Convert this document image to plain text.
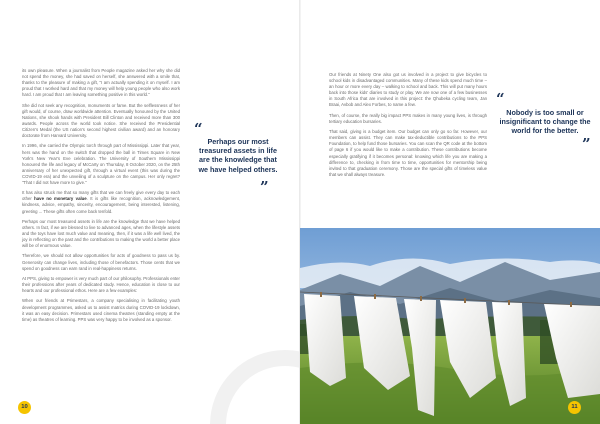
its own pleasure. When a journalist from People magazine asked her why she did not spend the money, she had saved on herself, she answered with a smile that, thanks to the pleasure of making a gift, "I am actually spending it on myself. I am proud that I worked hard and that my money will help young people who also work hard. I am proud that I am leaving something positive in this world."

She did not seek any recognition, monuments or fame. But the selflessness of her gift would, of course, draw worldwide attention. Eventually honoured by the United Nations, she shook hands with President Bill Clinton and received more than 300 awards. People across the world took notice. She received the Presidential Citizen's Medal (the US nation's second highest civilian award) and an honorary doctorate from Harvard University.

In 1996, she carried the Olympic torch through part of Mississippi. Later that year, hers was the hand on the switch that dropped the ball in Times Square in New York's New Year's Eve celebration. The University of Southern Mississippi honoured the life and legacy of McCarty on Thursday, 8 October 2020, on the 25th anniversary of her unexpected gift, through a virtual event (this was during the COVID-19 era) and the unveiling of a sculpture on the campus. Her only regret? "That I did not have more to give."

It has also struck me that so many gifts that we can freely give every day to each other have no monetary value. It is gifts like recognition, acknowledgement, kindness, advice, empathy, sincerity, encouragement, being interested, listening, greeting ... These gifts often come back tenfold.

Perhaps our most treasured assets in life are the knowledge that we have helped others. In fact, if we are blessed to live to advanced ages, when the lifestyle assets and the toys have lost much value and meaning, then, if it was a life well lived, the joy in reflecting on the past and the contributions to making the world a better place will be of enormous value.

Therefore, we should not allow opportunities for acts of goodness to pass us by. Generosity can change lives, including those of benefactors. Those cents that we spend on goodness can earn rand in real-happiness returns.

At PPS, giving to empower is very much part of our philosophy. Professionals enter their professions after years of dedicated study. Hence, education is close to our hearts and our professional ethos. Here are a few examples:

When our friends at Primestars, a company specialising in facilitating youth development programmes, asked us to assist matrics during COVID-19 lockdown, it was an easy decision. Primestars used cinema theatres (standing empty at the time) as theatres of learning. PPS was very happy to be involved as a sponsor.

“
Perhaps our most treasured assets in life are the knowledge that we have helped others.
”
10

Our friends at Ninety One also got us involved in a project to give bicycles to school kids in disadvantaged communities. Many of these kids spend much time – an hour or more every day – walking to school and back. This will put many hours back into those kids' diaries to study or play. We are now one of a few businesses in South Africa that are involved in this project: the Qhubeka cycling team, Jan Braai, Avbob and Alex Forbes, to name a few.

Then, of course, the really big impact PPS makes in many young lives, is through tertiary education bursaries.

That said, giving is a budget item. Our budget can only go so far. However, our members can assist. They can make tax-deductible contributions to the PPS Foundation, to help fund those bursaries. You can scan the QR code at the bottom of page 6 if you would like to make a contribution. These contributions become especially gratifying if it becomes personal: knowing which life you are making a difference to, checking in from time to time, opportunities for mentorship being invited to that graduation ceremony. Those are the special gifts of timeless value that we shall always treasure.

“
Nobody is too small or insignificant to change the world for the better.
”
11
